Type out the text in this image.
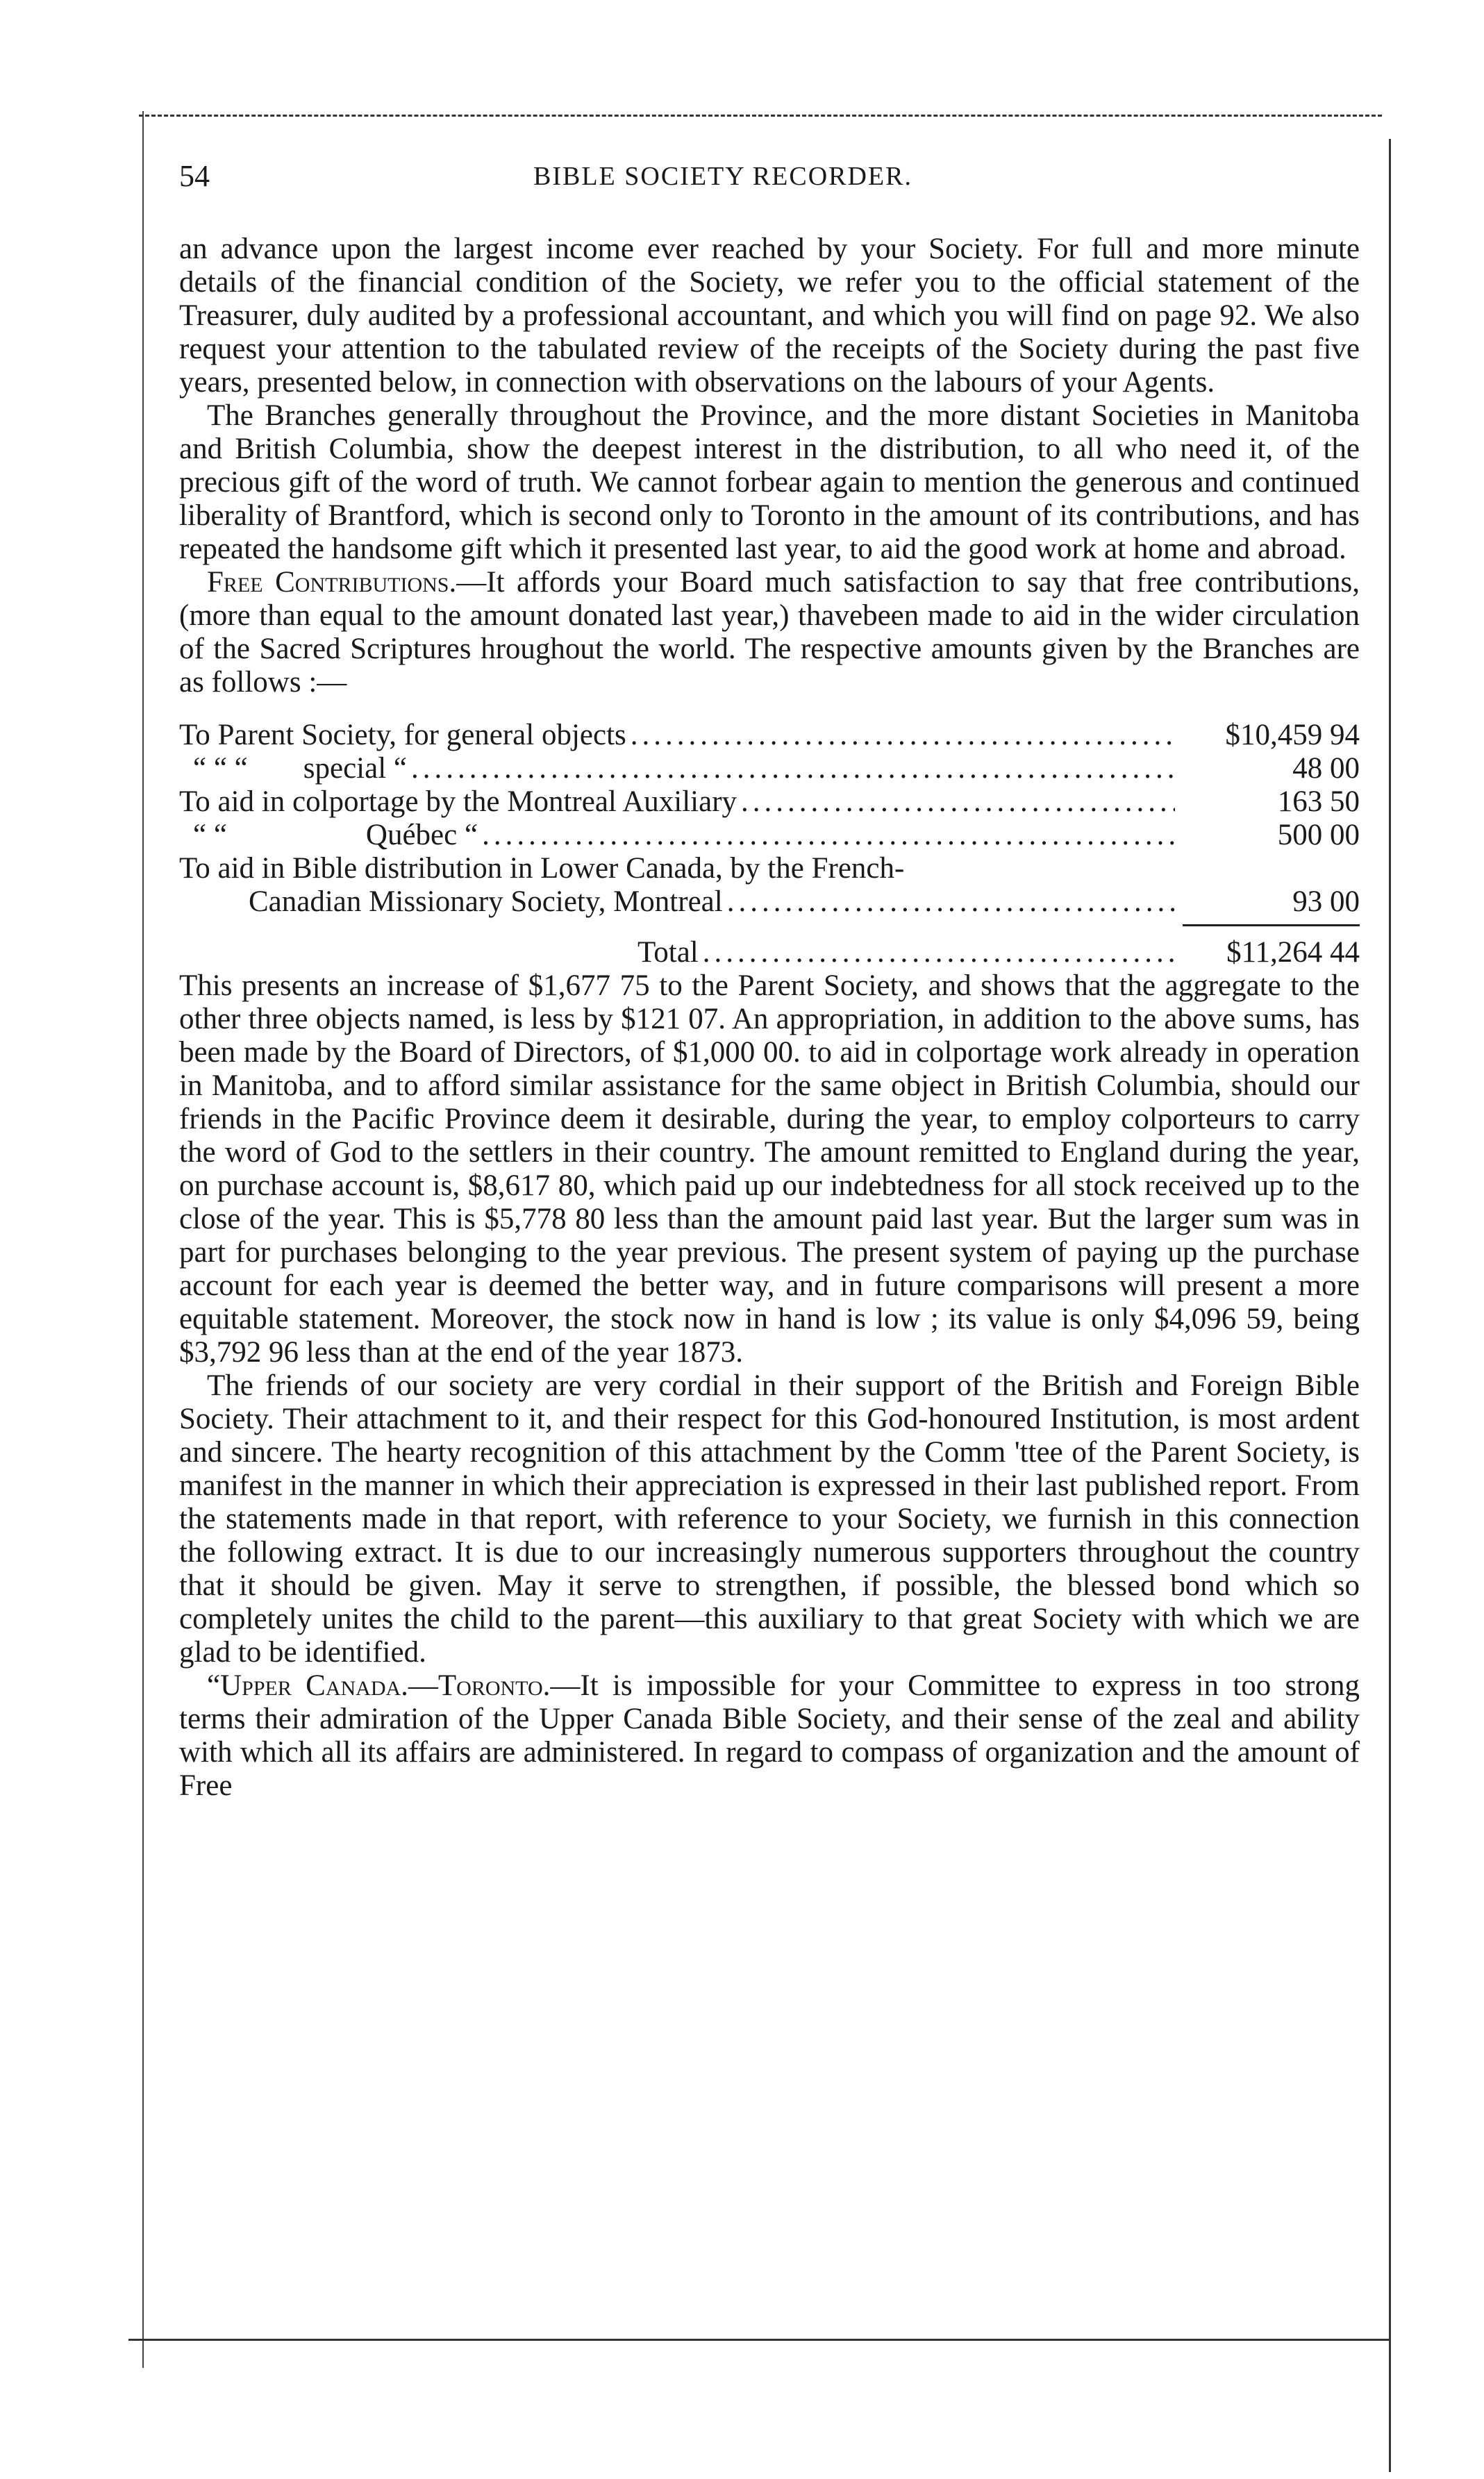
54	BIBLE SOCIETY RECORDER.

an advance upon the largest income ever reached by your Society. For full and more minute details of the financial condition of the Society, we refer you to the official statement of the Treasurer, duly audited by a professional accountant, and which you will find on page 92. We also request your attention to the tabulated review of the receipts of the Society during the past five years, presented below, in connection with observations on the labours of your Agents.

The Branches generally throughout the Province, and the more distant Societies in Manitoba and British Columbia, show the deepest interest in the distribution, to all who need it, of the precious gift of the word of truth. We cannot forbear again to mention the generous and continued liberality of Brantford, which is second only to Toronto in the amount of its contributions, and has repeated the handsome gift which it presented last year, to aid the good work at home and abroad.

Free Contributions.—It affords your Board much satisfaction to say that free contributions, (more than equal to the amount donated last year,) thavebeen made to aid in the wider circulation of the Sacred Scriptures hroughout the world. The respective amounts given by the Branches are as follows :—

To Parent Society, for general objects .....	$10,459 94
“ “ “ special “ .....	48 00
To aid in colportage by the Montreal Auxiliary .....	163 50
“ “	Québec “ .....	500 00
To aid in Bible distribution in Lower Canada, by the French-
Canadian Missionary Society, Montreal .....	93 00
Total .....	$11,264 44

This presents an increase of $1,677 75 to the Parent Society, and shows that the aggregate to the other three objects named, is less by $121 07. An appropriation, in addition to the above sums, has been made by the Board of Directors, of $1,000 00. to aid in colportage work already in operation in Manitoba, and to afford similar assistance for the same object in British Columbia, should our friends in the Pacific Province deem it desirable, during the year, to employ colporteurs to carry the word of God to the settlers in their country. The amount remitted to England during the year, on purchase account is, $8,617 80, which paid up our indebtedness for all stock received up to the close of the year. This is $5,778 80 less than the amount paid last year. But the larger sum was in part for purchases belonging to the year previous. The present system of paying up the purchase account for each year is deemed the better way, and in future comparisons will present a more equitable statement. Moreover, the stock now in hand is low ; its value is only $4,096 59, being $3,792 96 less than at the end of the year 1873.

The friends of our society are very cordial in their support of the British and Foreign Bible Society. Their attachment to it, and their respect for this God-honoured Institution, is most ardent and sincere. The hearty recognition of this attachment by the Comm 'ttee of the Parent Society, is manifest in the manner in which their appreciation is expressed in their last published report. From the statements made in that report, with reference to your Society, we furnish in this connection the following extract. It is due to our increasingly numerous supporters throughout the country that it should be given. May it serve to strengthen, if possible, the blessed bond which so completely unites the child to the parent—this auxiliary to that great Society with which we are glad to be identified.

“Upper Canada.—Toronto.—It is impossible for your Committee to express in too strong terms their admiration of the Upper Canada Bible Society, and their sense of the zeal and ability with which all its affairs are administered. In regard to compass of organization and the amount of Free
